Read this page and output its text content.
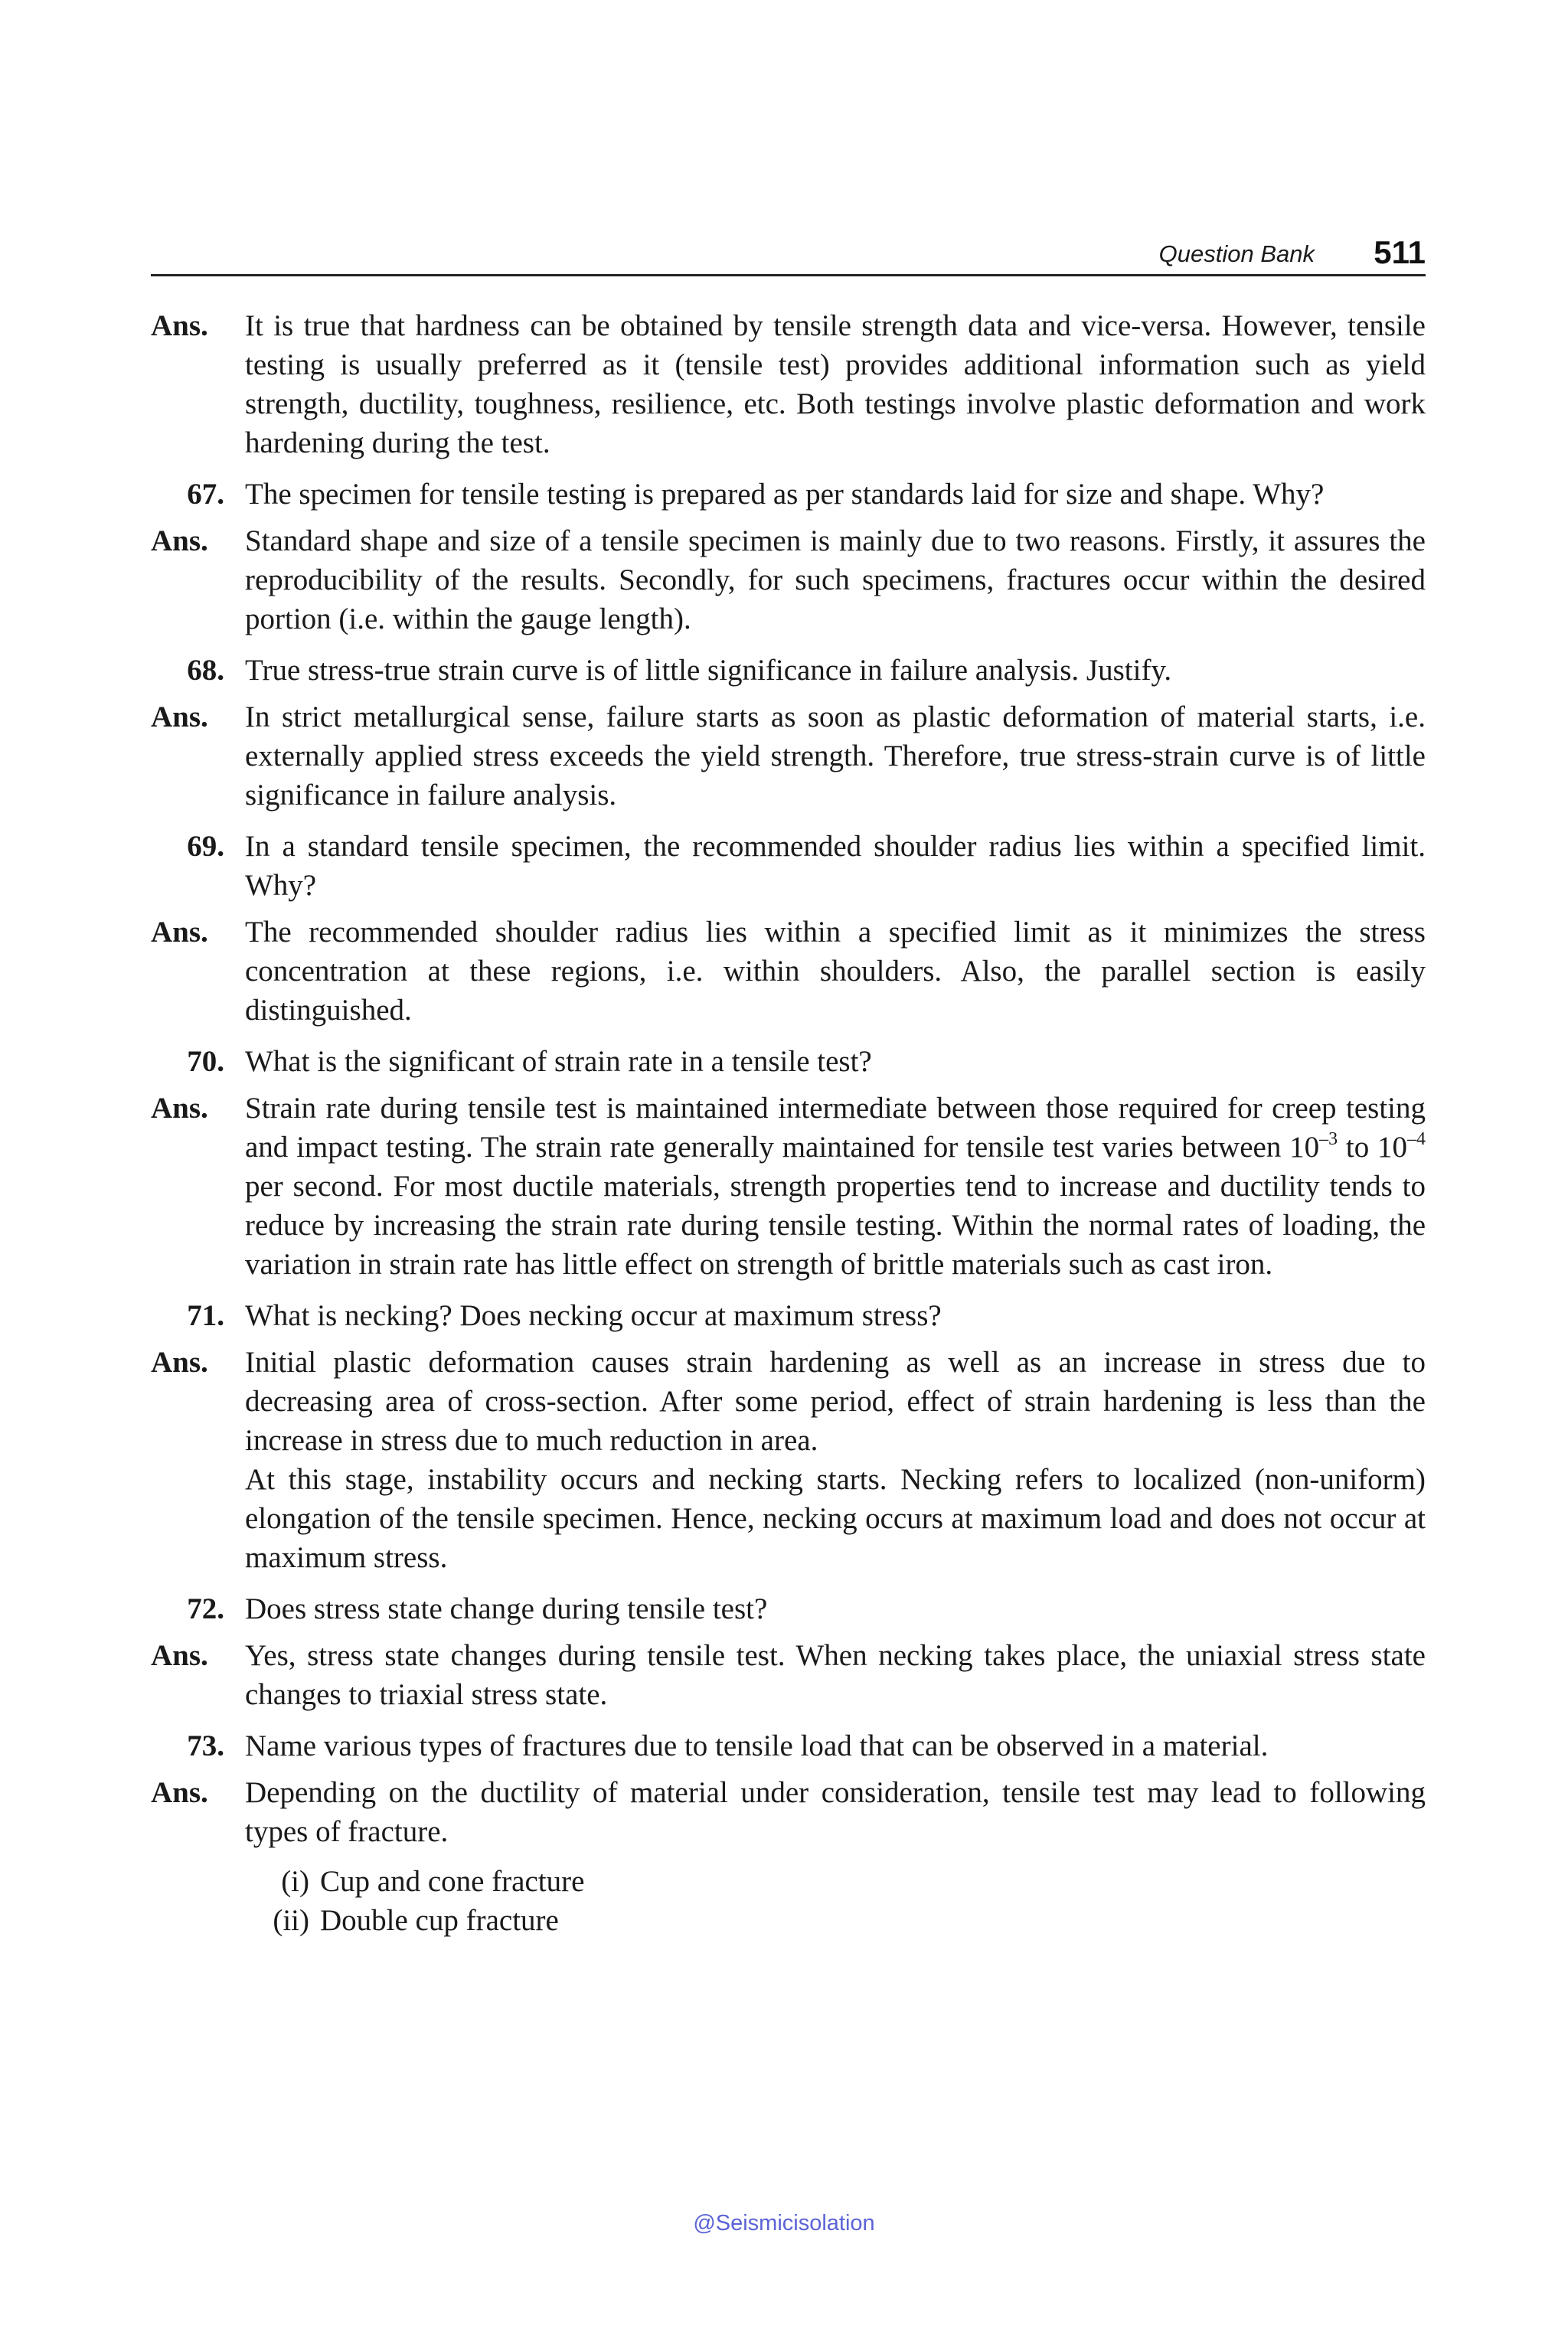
Question Bank 511
Ans.	It is true that hardness can be obtained by tensile strength data and vice-versa. However, tensile testing is usually preferred as it (tensile test) provides additional information such as yield strength, ductility, toughness, resilience, etc. Both testings involve plastic deformation and work hardening during the test.
67. The specimen for tensile testing is prepared as per standards laid for size and shape. Why?
Ans.	Standard shape and size of a tensile specimen is mainly due to two reasons. Firstly, it assures the reproducibility of the results. Secondly, for such specimens, fractures occur within the desired portion (i.e. within the gauge length).
68. True stress-true strain curve is of little significance in failure analysis. Justify.
Ans.	In strict metallurgical sense, failure starts as soon as plastic deformation of material starts, i.e. externally applied stress exceeds the yield strength. Therefore, true stress-strain curve is of little significance in failure analysis.
69. In a standard tensile specimen, the recommended shoulder radius lies within a specified limit. Why?
Ans.	The recommended shoulder radius lies within a specified limit as it minimizes the stress concentration at these regions, i.e. within shoulders. Also, the parallel section is easily distinguished.
70. What is the significant of strain rate in a tensile test?
Ans.	Strain rate during tensile test is maintained intermediate between those required for creep testing and impact testing. The strain rate generally maintained for tensile test varies between $10^{-3}$ to $10^{-4}$ per second. For most ductile materials, strength properties tend to increase and ductility tends to reduce by increasing the strain rate during tensile testing. Within the normal rates of loading, the variation in strain rate has little effect on strength of brittle materials such as cast iron.
71. What is necking? Does necking occur at maximum stress?
Ans.	Initial plastic deformation causes strain hardening as well as an increase in stress due to decreasing area of cross-section. After some period, effect of strain hardening is less than the increase in stress due to much reduction in area.
At this stage, instability occurs and necking starts. Necking refers to localized (non-uniform) elongation of the tensile specimen. Hence, necking occurs at maximum load and does not occur at maximum stress.
72. Does stress state change during tensile test?
Ans.	Yes, stress state changes during tensile test. When necking takes place, the uniaxial stress state changes to triaxial stress state.
73. Name various types of fractures due to tensile load that can be observed in a material.
Ans.	Depending on the ductility of material under consideration, tensile test may lead to following types of fracture.
(i) Cup and cone fracture
(ii) Double cup fracture
@Seismicisolation
